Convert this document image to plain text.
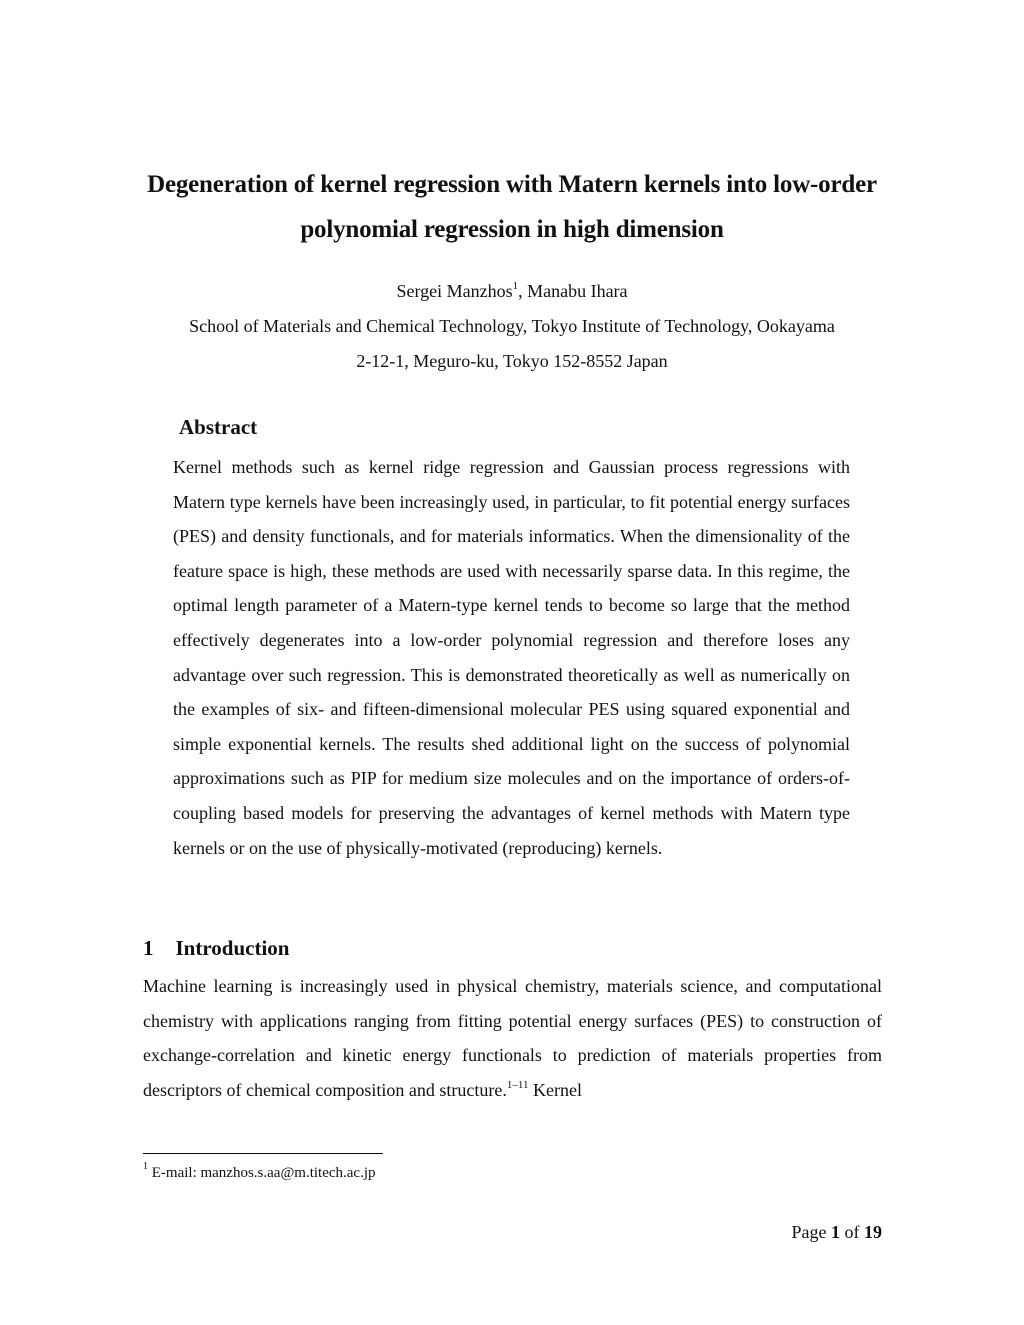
Degeneration of kernel regression with Matern kernels into low-order
polynomial regression in high dimension
Sergei Manzhos$^1$, Manabu Ihara
School of Materials and Chemical Technology, Tokyo Institute of Technology, Ookayama
2-12-1, Meguro-ku, Tokyo 152-8552 Japan
Abstract
Kernel methods such as kernel ridge regression and Gaussian process regressions with Matern type kernels have been increasingly used, in particular, to fit potential energy surfaces (PES) and density functionals, and for materials informatics. When the dimensionality of the feature space is high, these methods are used with necessarily sparse data. In this regime, the optimal length parameter of a Matern-type kernel tends to become so large that the method effectively degenerates into a low-order polynomial regression and therefore loses any advantage over such regression. This is demonstrated theoretically as well as numerically on the examples of six- and fifteen-dimensional molecular PES using squared exponential and simple exponential kernels. The results shed additional light on the success of polynomial approximations such as PIP for medium size molecules and on the importance of orders-of-coupling based models for preserving the advantages of kernel methods with Matern type kernels or on the use of physically-motivated (reproducing) kernels.
1 Introduction
Machine learning is increasingly used in physical chemistry, materials science, and computational chemistry with applications ranging from fitting potential energy surfaces (PES) to construction of exchange-correlation and kinetic energy functionals to prediction of materials properties from descriptors of chemical composition and structure.$^{1-11}$ Kernel
$^1$ E-mail: manzhos.s.aa@m.titech.ac.jp
Page 1 of 19
